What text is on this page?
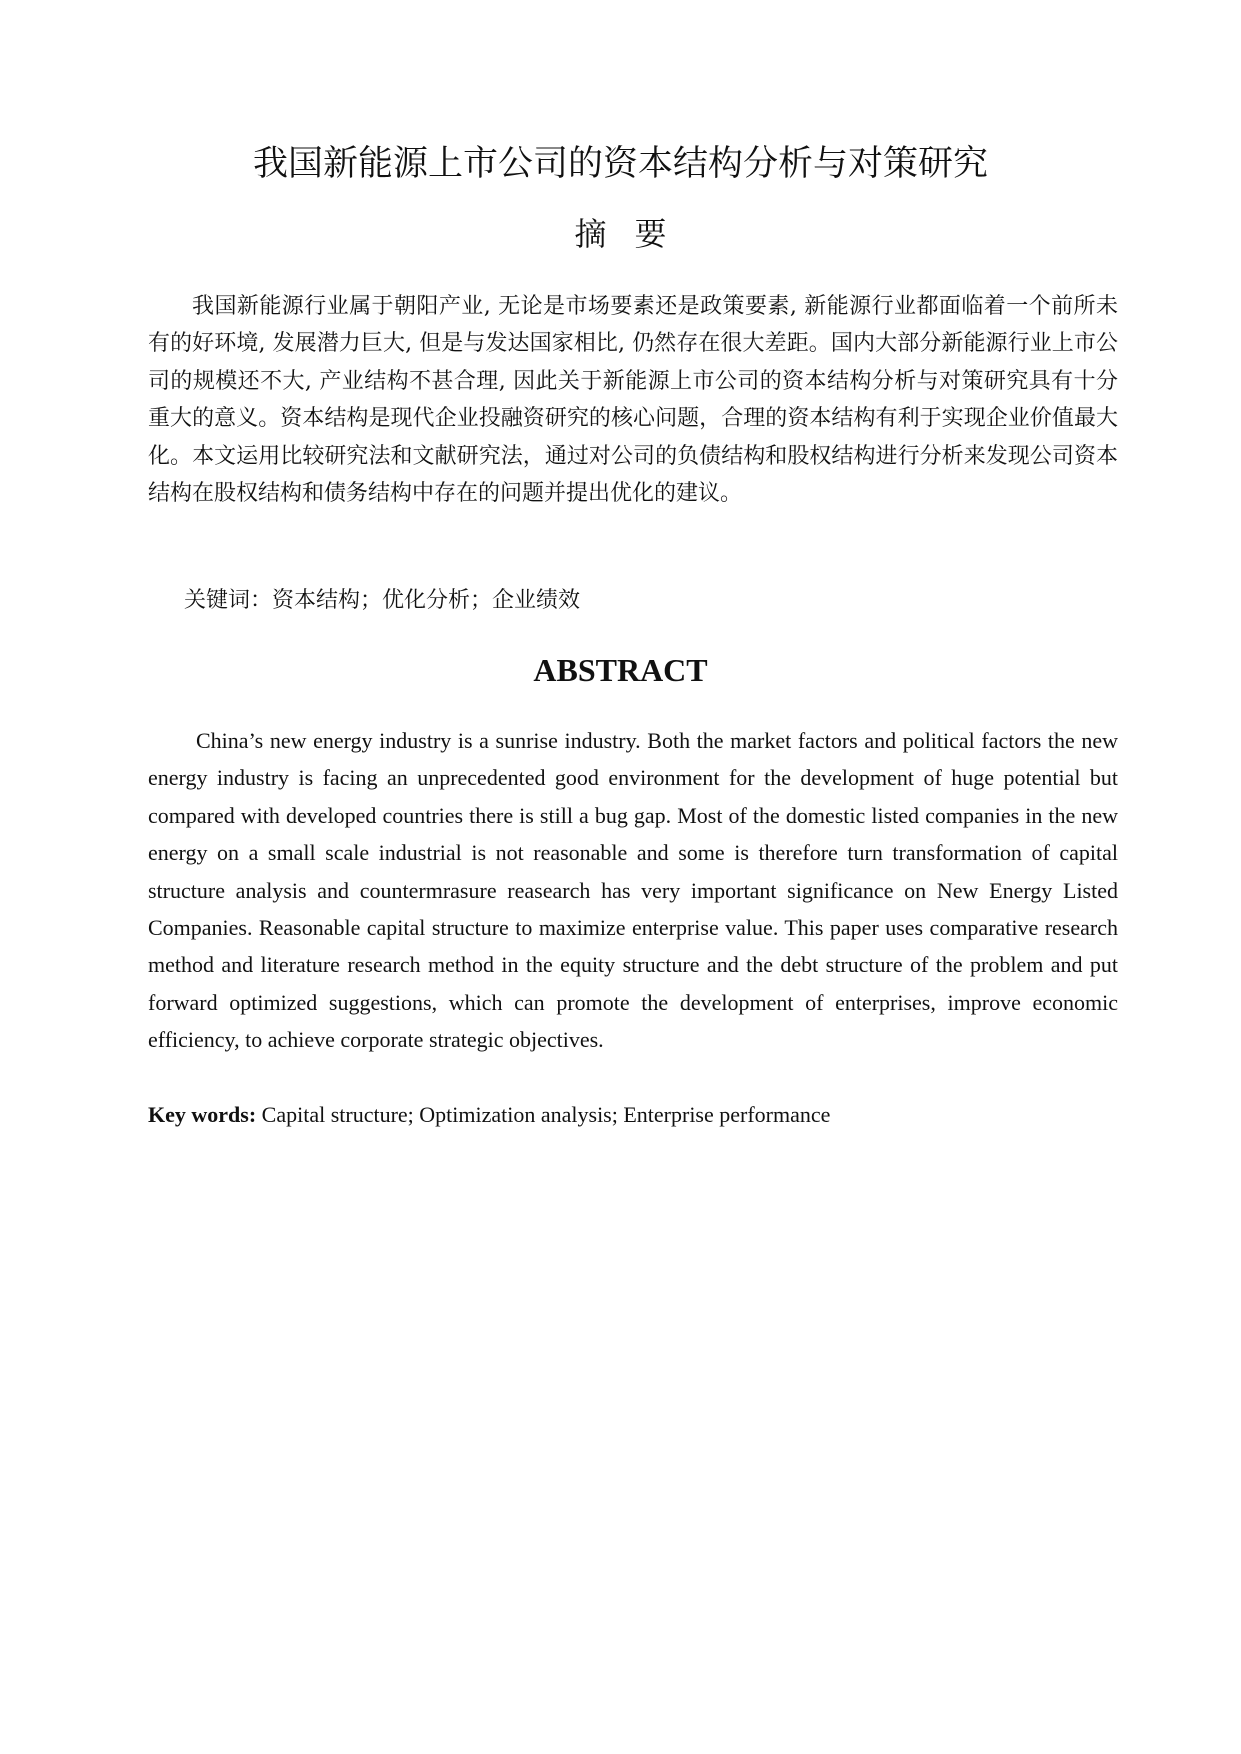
我国新能源上市公司的资本结构分析与对策研究
摘要

我国新能源行业属于朝阳产业, 无论是市场要素还是政策要素, 新能源行业都面临着一个前所未有的好环境, 发展潜力巨大, 但是与发达国家相比, 仍然存在很大差距。国内大部分新能源行业上市公司的规模还不大, 产业结构不甚合理, 因此关于新能源上市公司的资本结构分析与对策研究具有十分重大的意义。资本结构是现代企业投融资研究的核心问题，合理的资本结构有利于实现企业价值最大化。本文运用比较研究法和文献研究法，通过对公司的负债结构和股权结构进行分析来发现公司资本结构在股权结构和债务结构中存在的问题并提出优化的建议。

关键词：资本结构；优化分析；企业绩效

ABSTRACT

China’s new energy industry is a sunrise industry. Both the market factors and political factors the new energy industry is facing an unprecedented good environment for the development of huge potential but compared with developed countries there is still a bug gap. Most of the domestic listed companies in the new energy on a small scale industrial is not reasonable and some is therefore turn transformation of capital structure analysis and countermrasure reasearch has very important significance on New Energy Listed Companies. Reasonable capital structure to maximize enterprise value. This paper uses comparative research method and literature research method in the equity structure and the debt structure of the problem and put forward optimized suggestions, which can promote the development of enterprises, improve economic efficiency, to achieve corporate strategic objectives.

Key words: Capital structure; Optimization analysis; Enterprise performance
